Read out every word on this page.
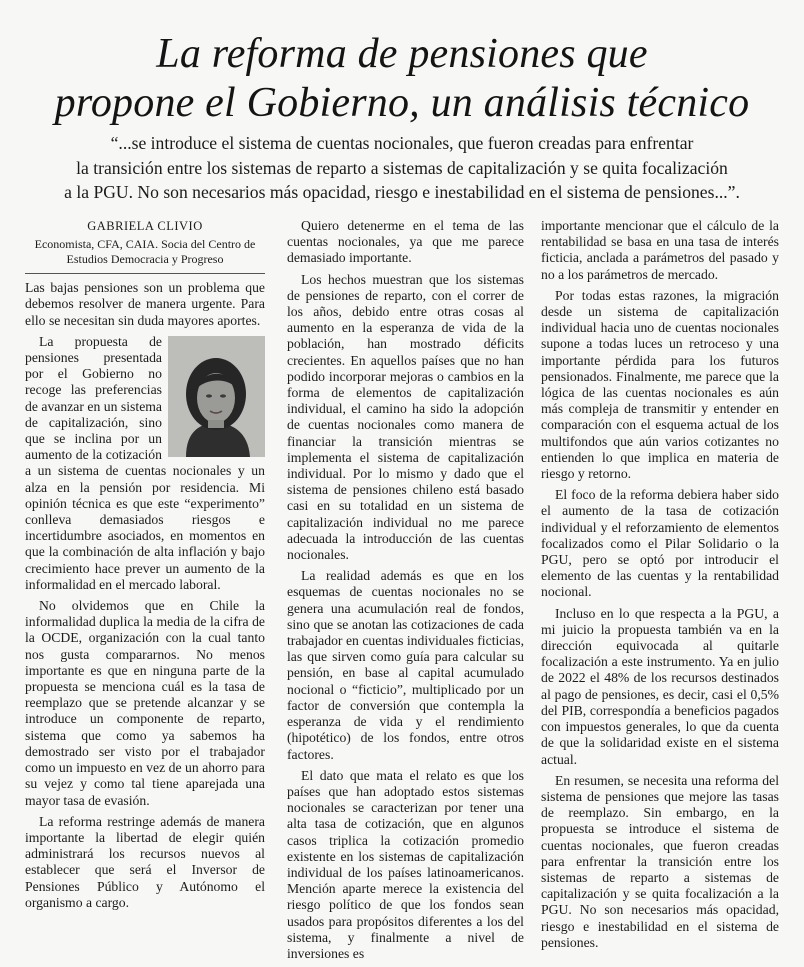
La reforma de pensiones que
propone el Gobierno, un análisis técnico
“...se introduce el sistema de cuentas nocionales, que fueron creadas para enfrentar
la transición entre los sistemas de reparto a sistemas de capitalización y se quita focalización
a la PGU. No son necesarios más opacidad, riesgo e inestabilidad en el sistema de pensiones...”.
GABRIELA CLIVIO
Economista, CFA, CAIA. Socia del Centro de Estudios Democracia y Progreso

Las bajas pensiones son un problema que debemos resolver de manera urgente. Para ello se necesitan sin duda mayores aportes.

La propuesta de pensiones presentada por el Gobierno no recoge las preferencias de avanzar en un sistema de capitalización, sino que se inclina por un aumento de la cotización a un sistema de cuentas nocionales y un alza en la pensión por residencia. Mi opinión técnica es que este “experimento” conlleva demasiados riesgos e incertidumbre asociados, en momentos en que la combinación de alta inflación y bajo crecimiento hace prever un aumento de la informalidad en el mercado laboral.

No olvidemos que en Chile la informalidad duplica la media de la cifra de la OCDE, organización con la cual tanto nos gusta compararnos. No menos importante es que en ninguna parte de la propuesta se menciona cuál es la tasa de reemplazo que se pretende alcanzar y se introduce un componente de reparto, sistema que como ya sabemos ha demostrado ser visto por el trabajador como un impuesto en vez de un ahorro para su vejez y como tal tiene aparejada una mayor tasa de evasión.

La reforma restringe además de manera importante la libertad de elegir quién administrará los recursos nuevos al establecer que será el Inversor de Pensiones Público y Autónomo el organismo a cargo.

Quiero detenerme en el tema de las cuentas nocionales, ya que me parece demasiado importante.

Los hechos muestran que los sistemas de pensiones de reparto, con el correr de los años, debido entre otras cosas al aumento en la esperanza de vida de la población, han mostrado déficits crecientes. En aquellos países que no han podido incorporar mejoras o cambios en la forma de elementos de capitalización individual, el camino ha sido la adopción de cuentas nocionales como manera de financiar la transición mientras se implementa el sistema de capitalización individual. Por lo mismo y dado que el sistema de pensiones chileno está basado casi en su totalidad en un sistema de capitalización individual no me parece adecuada la introducción de las cuentas nocionales.

La realidad además es que en los esquemas de cuentas nocionales no se genera una acumulación real de fondos, sino que se anotan las cotizaciones de cada trabajador en cuentas individuales ficticias, las que sirven como guía para calcular su pensión, en base al capital acumulado nocional o “ficticio”, multiplicado por un factor de conversión que contempla la esperanza de vida y el rendimiento (hipotético) de los fondos, entre otros factores.

El dato que mata el relato es que los países que han adoptado estos sistemas nocionales se caracterizan por tener una alta tasa de cotización, que en algunos casos triplica la cotización promedio existente en los sistemas de capitalización individual de los países latinoamericanos. Mención aparte merece la existencia del riesgo político de que los fondos sean usados para propósitos diferentes a los del sistema, y finalmente a nivel de inversiones es

importante mencionar que el cálculo de la rentabilidad se basa en una tasa de interés ficticia, anclada a parámetros del pasado y no a los parámetros de mercado.

Por todas estas razones, la migración desde un sistema de capitalización individual hacia uno de cuentas nocionales supone a todas luces un retroceso y una importante pérdida para los futuros pensionados. Finalmente, me parece que la lógica de las cuentas nocionales es aún más compleja de transmitir y entender en comparación con el esquema actual de los multifondos que aún varios cotizantes no entienden lo que implica en materia de riesgo y retorno.

El foco de la reforma debiera haber sido el aumento de la tasa de cotización individual y el reforzamiento de elementos focalizados como el Pilar Solidario o la PGU, pero se optó por introducir el elemento de las cuentas y la rentabilidad nocional.

Incluso en lo que respecta a la PGU, a mi juicio la propuesta también va en la dirección equivocada al quitarle focalización a este instrumento. Ya en julio de 2022 el 48% de los recursos destinados al pago de pensiones, es decir, casi el 0,5% del PIB, correspondía a beneficios pagados con impuestos generales, lo que da cuenta de que la solidaridad existe en el sistema actual.

En resumen, se necesita una reforma del sistema de pensiones que mejore las tasas de reemplazo. Sin embargo, en la propuesta se introduce el sistema de cuentas nocionales, que fueron creadas para enfrentar la transición entre los sistemas de reparto a sistemas de capitalización y se quita focalización a la PGU. No son necesarios más opacidad, riesgo e inestabilidad en el sistema de pensiones.
